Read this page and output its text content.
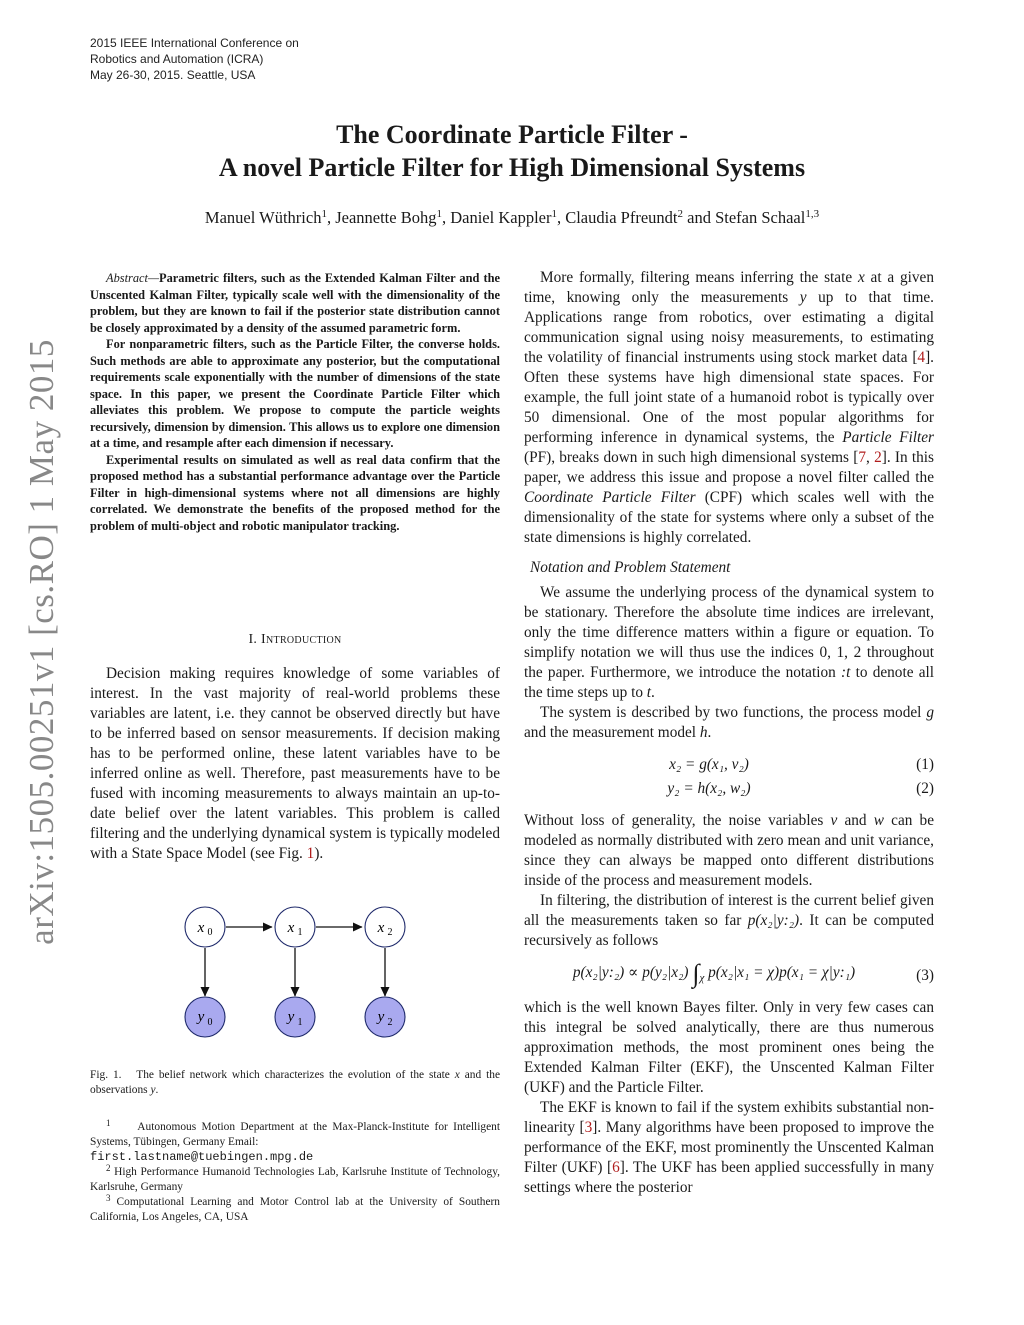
2015 IEEE International Conference on
Robotics and Automation (ICRA)
May 26-30, 2015. Seattle, USA
arXiv:1505.00251v1 [cs.RO] 1 May 2015
The Coordinate Particle Filter -
A novel Particle Filter for High Dimensional Systems
Manuel Wüthrich$^1$, Jeannette Bohg$^1$, Daniel Kappler$^1$, Claudia Pfreundt$^2$ and Stefan Schaal$^{1,3}$

Abstract—Parametric filters, such as the Extended Kalman Filter and the Unscented Kalman Filter, typically scale well with the dimensionality of the problem, but they are known to fail if the posterior state distribution cannot be closely approximated by a density of the assumed parametric form.

For nonparametric filters, such as the Particle Filter, the converse holds. Such methods are able to approximate any posterior, but the computational requirements scale exponentially with the number of dimensions of the state space. In this paper, we present the Coordinate Particle Filter which alleviates this problem. We propose to compute the particle weights recursively, dimension by dimension. This allows us to explore one dimension at a time, and resample after each dimension if necessary.

Experimental results on simulated as well as real data confirm that the proposed method has a substantial performance advantage over the Particle Filter in high-dimensional systems where not all dimensions are highly correlated. We demonstrate the benefits of the proposed method for the problem of multi-object and robotic manipulator tracking.

I. Introduction

Decision making requires knowledge of some variables of interest. In the vast majority of real-world problems these variables are latent, i.e. they cannot be observed directly but have to be inferred based on sensor measurements. If decision making has to be performed online, these latent variables have to be inferred online as well. Therefore, past measurements have to be fused with incoming measurements to always maintain an up-to-date belief over the latent variables. This problem is called filtering and the underlying dynamical system is typically modeled with a State Space Model (see Fig. 1).

x 0	x 1	x 2
y 0	y 1	y 2
Fig. 1. The belief network which characterizes the evolution of the state x and the observations y.

$^1$ Autonomous Motion Department at the Max-Planck-Institute for Intelligent Systems, Tübingen, Germany Email:
first.lastname@tuebingen.mpg.de

$^2$ High Performance Humanoid Technologies Lab, Karlsruhe Institute of Technology, Karlsruhe, Germany

$^3$ Computational Learning and Motor Control lab at the University of Southern California, Los Angeles, CA, USA

More formally, filtering means inferring the state x at a given time, knowing only the measurements y up to that time. Applications range from robotics, over estimating a digital communication signal using noisy measurements, to estimating the volatility of financial instruments using stock market data [4]. Often these systems have high dimensional state spaces. For example, the full joint state of a humanoid robot is typically over 50 dimensional. One of the most popular algorithms for performing inference in dynamical systems, the Particle Filter (PF), breaks down in such high dimensional systems [7, 2]. In this paper, we address this issue and propose a novel filter called the Coordinate Particle Filter (CPF) which scales well with the dimensionality of the state for systems where only a subset of the state dimensions is highly correlated.

Notation and Problem Statement

We assume the underlying process of the dynamical system to be stationary. Therefore the absolute time indices are irrelevant, only the time difference matters within a figure or equation. To simplify notation we will thus use the indices 0, 1, 2 throughout the paper. Furthermore, we introduce the notation :t to denote all the time steps up to t.

The system is described by two functions, the process model g and the measurement model h.

x₂ = g(x₁, v₂)	(1)
y₂ = h(x₂, w₂)	(2)

Without loss of generality, the noise variables v and w can be modeled as normally distributed with zero mean and unit variance, since they can always be mapped onto different distributions inside of the process and measurement models.

In filtering, the distribution of interest is the current belief given all the measurements taken so far p(x₂|y:₂). It can be computed recursively as follows

p(x₂|y:₂) ∝ p(y₂|x₂) $\int_\chi$ p(x₂|x₁ = χ)p(x₁ = χ|y:₁)	(3)

which is the well known Bayes filter. Only in very few cases can this integral be solved analytically, there are thus numerous approximation methods, the most prominent ones being the Extended Kalman Filter (EKF), the Unscented Kalman Filter (UKF) and the Particle Filter.

The EKF is known to fail if the system exhibits substantial non-linearity [3]. Many algorithms have been proposed to improve the performance of the EKF, most prominently the Unscented Kalman Filter (UKF) [6]. The UKF has been applied successfully in many settings where the posterior
